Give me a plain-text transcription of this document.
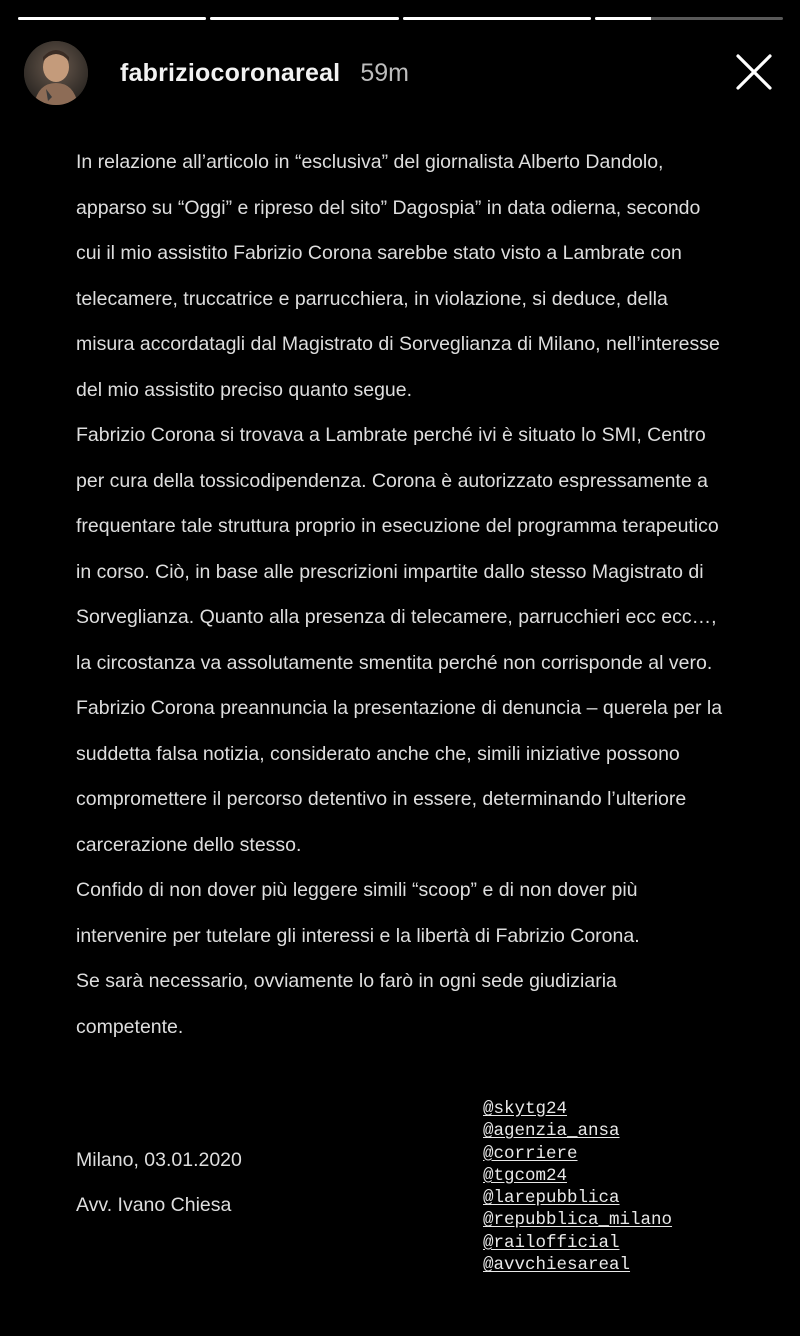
fabriziocoronareal 59m

In relazione all’articolo in “esclusiva” del giornalista Alberto Dandolo, apparso su “Oggi” e ripreso del sito” Dagospia” in data odierna, secondo cui il mio assistito Fabrizio Corona sarebbe stato visto a Lambrate con telecamere, truccatrice e parrucchiera, in violazione, si deduce, della misura accordatagli dal Magistrato di Sorveglianza di Milano, nell’interesse del mio assistito preciso quanto segue.

Fabrizio Corona si trovava a Lambrate perché ivi è situato lo SMI, Centro per cura della tossicodipendenza. Corona è autorizzato espressamente a frequentare tale struttura proprio in esecuzione del programma terapeutico in corso. Ciò, in base alle prescrizioni impartite dallo stesso Magistrato di Sorveglianza. Quanto alla presenza di telecamere, parrucchieri ecc ecc…, la circostanza va assolutamente smentita perché non corrisponde al vero. Fabrizio Corona preannuncia la presentazione di denuncia – querela per la suddetta falsa notizia, considerato anche che, simili iniziative possono compromettere il percorso detentivo in essere, determinando l’ulteriore carcerazione dello stesso.

Confido di non dover più leggere simili “scoop” e di non dover più intervenire per tutelare gli interessi e la libertà di Fabrizio Corona.

Se sarà necessario, ovviamente lo farò in ogni sede giudiziaria competente.

Milano, 03.01.2020
Avv. Ivano Chiesa
@skytg24
@agenzia_ansa
@corriere
@tgcom24
@larepubblica
@repubblica_milano
@railofficial
@avvchiesareal
